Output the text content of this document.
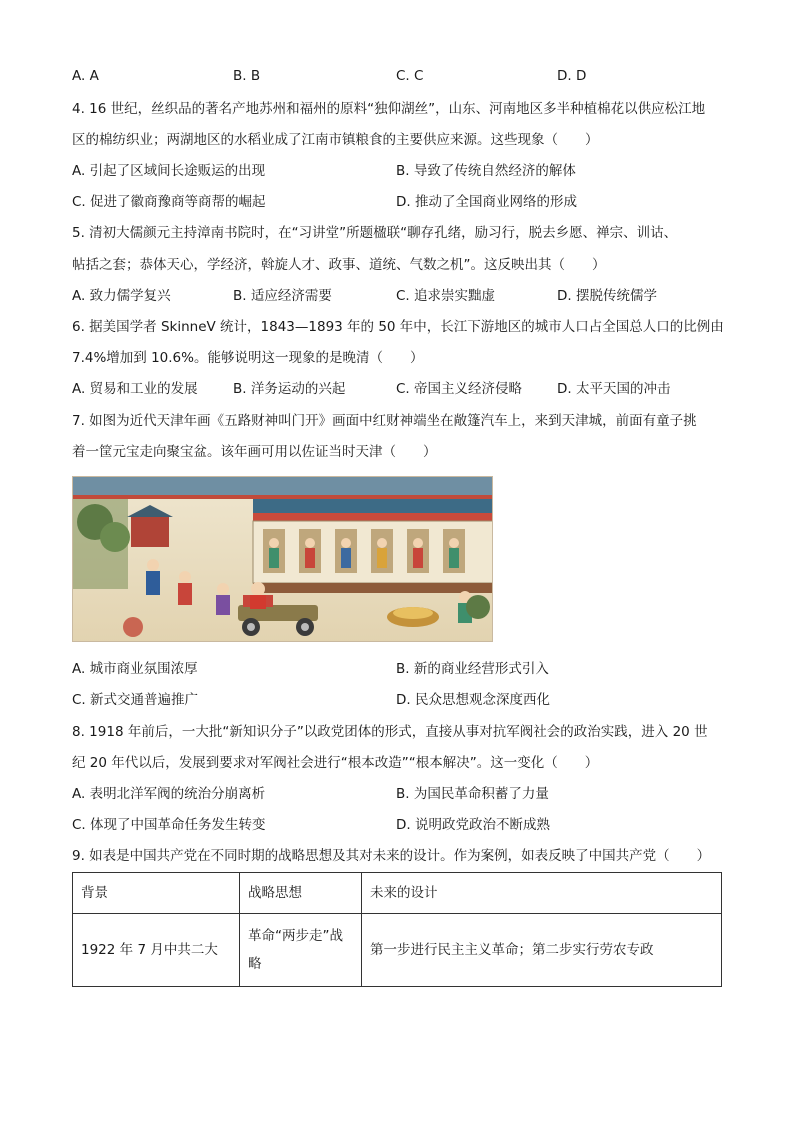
A. A	B. B	C. C	D. D
4. 16 世纪，丝织品的著名产地苏州和福州的原料“独仰湖丝”，山东、河南地区多半种植棉花以供应松江地
区的棉纺织业；两湖地区的水稻业成了江南市镇粮食的主要供应来源。这些现象（　　）
A. 引起了区域间长途贩运的出现	B. 导致了传统自然经济的解体
C. 促进了徽商豫商等商帮的崛起	D. 推动了全国商业网络的形成
5. 清初大儒颜元主持漳南书院时，在“习讲堂”所题楹联“聊存孔绪，励习行，脱去乡愿、禅宗、训诂、
帖括之套；恭体天心，学经济，斡旋人才、政事、道统、气数之机”。这反映出其（　　）
A. 致力儒学复兴	B. 适应经济需要	C. 追求崇实黜虚	D. 摆脱传统儒学
6. 据美国学者 SkinneV 统计，1843—1893 年的 50 年中，长江下游地区的城市人口占全国总人口的比例由
7.4%增加到 10.6%。能够说明这一现象的是晚清（　　）
A. 贸易和工业的发展	B. 洋务运动的兴起	C. 帝国主义经济侵略	D. 太平天国的冲击
7. 如图为近代天津年画《五路财神叫门开》画面中红财神端坐在敞篷汽车上，来到天津城，前面有童子挑
着一筐元宝走向聚宝盆。该年画可用以佐证当时天津（　　）
A. 城市商业氛围浓厚	B. 新的商业经营形式引入
C. 新式交通普遍推广	D. 民众思想观念深度西化
8. 1918 年前后，一大批“新知识分子”以政党团体的形式，直接从事对抗军阀社会的政治实践，进入 20 世
纪 20 年代以后，发展到要求对军阀社会进行“根本改造”“根本解决”。这一变化（　　）
A. 表明北洋军阀的统治分崩离析	B. 为国民革命积蓄了力量
C. 体现了中国革命任务发生转变	D. 说明政党政治不断成熟
9. 如表是中国共产党在不同时期的战略思想及其对未来的设计。作为案例，如表反映了中国共产党（　　）
背景	战略思想	未来的设计
1922 年 7 月中共二大	革命“两步走”战略	第一步进行民主主义革命；第二步实行劳农专政
